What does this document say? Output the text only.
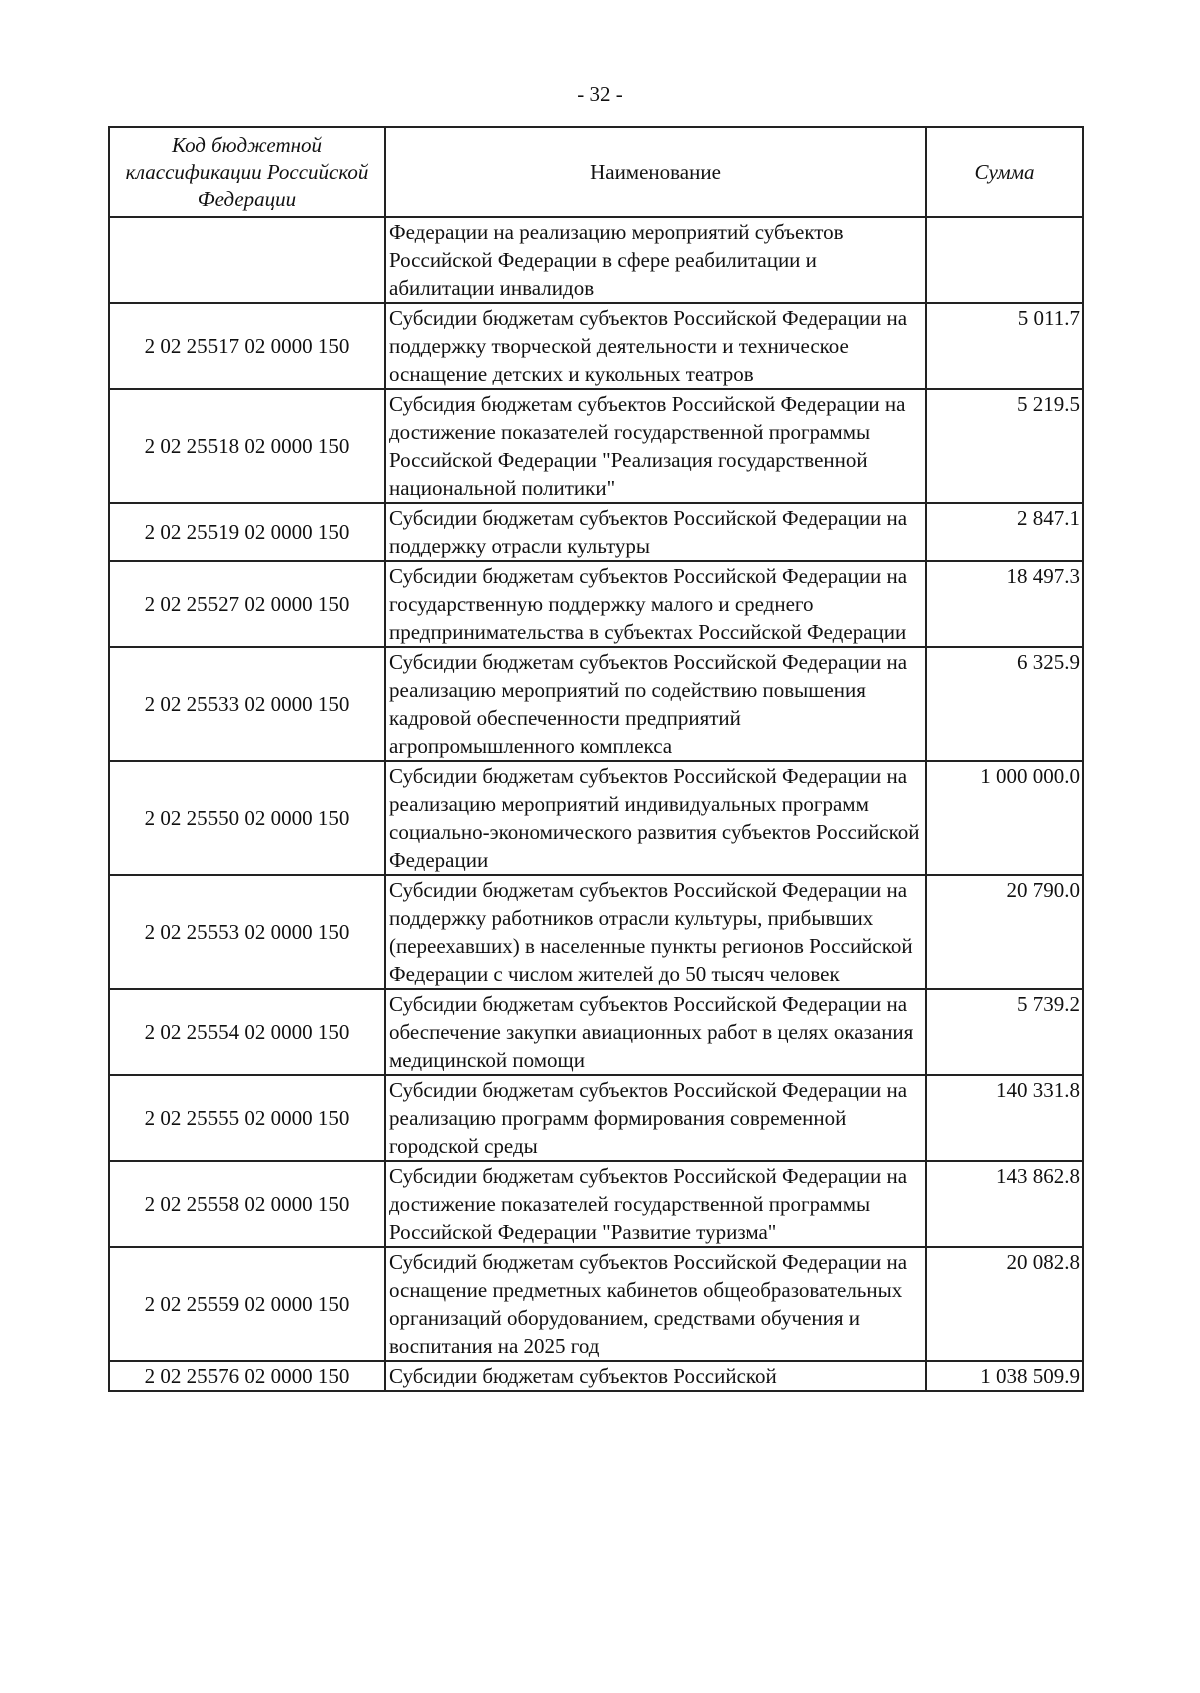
- 32 -
Код бюджетной классификации Российской Федерации	Наименование	Сумма
	Федерации на реализацию мероприятий субъектов Российской Федерации в сфере реабилитации и абилитации инвалидов	
2 02 25517 02 0000 150	Субсидии бюджетам субъектов Российской Федерации на поддержку творческой деятельности и техническое оснащение детских и кукольных театров	5 011.7
2 02 25518 02 0000 150	Субсидия бюджетам субъектов Российской Федерации на достижение показателей государственной программы Российской Федерации "Реализация государственной национальной политики"	5 219.5
2 02 25519 02 0000 150	Субсидии бюджетам субъектов Российской Федерации на поддержку отрасли культуры	2 847.1
2 02 25527 02 0000 150	Субсидии бюджетам субъектов Российской Федерации на государственную поддержку малого и среднего предпринимательства в субъектах Российской Федерации	18 497.3
2 02 25533 02 0000 150	Субсидии бюджетам субъектов Российской Федерации на реализацию мероприятий по содействию повышения кадровой обеспеченности предприятий агропромышленного комплекса	6 325.9
2 02 25550 02 0000 150	Субсидии бюджетам субъектов Российской Федерации на реализацию мероприятий индивидуальных программ социально-экономического развития субъектов Российской Федерации	1 000 000.0
2 02 25553 02 0000 150	Субсидии бюджетам субъектов Российской Федерации на поддержку работников отрасли культуры, прибывших (переехавших) в населенные пункты регионов Российской Федерации с числом жителей до 50 тысяч человек	20 790.0
2 02 25554 02 0000 150	Субсидии бюджетам субъектов Российской Федерации на обеспечение закупки авиационных работ в целях оказания медицинской помощи	5 739.2
2 02 25555 02 0000 150	Субсидии бюджетам субъектов Российской Федерации на реализацию программ формирования современной городской среды	140 331.8
2 02 25558 02 0000 150	Субсидии бюджетам субъектов Российской Федерации на достижение показателей государственной программы Российской Федерации "Развитие туризма"	143 862.8
2 02 25559 02 0000 150	Субсидий бюджетам субъектов Российской Федерации на оснащение предметных кабинетов общеобразовательных организаций оборудованием, средствами обучения и воспитания на 2025 год	20 082.8
2 02 25576 02 0000 150	Субсидии бюджетам субъектов Российской	1 038 509.9
